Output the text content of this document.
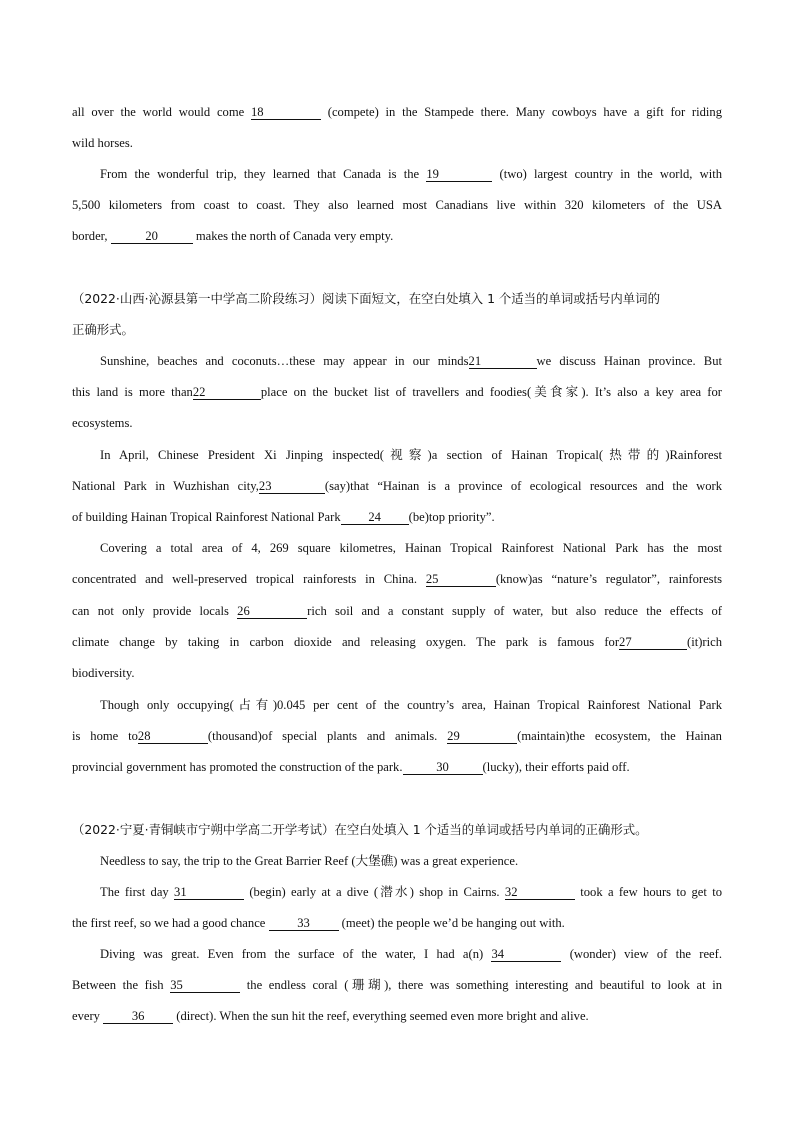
all over the world would come 18	(compete) in the Stampede there. Many cowboys have a gift for riding
wild horses.
From the wonderful trip, they learned that Canada is the 19	(two) largest country in the world, with
5,500 kilometers from coast to coast. They also learned most Canadians live within 320 kilometers of the USA
border,	20	makes the north of Canada very empty.
（2022·山西·沁源县第一中学高二阶段练习）阅读下面短文，在空白处填入 1 个适当的单词或括号内单词的
正确形式。
Sunshine, beaches and coconuts…these may appear in our minds21	we discuss Hainan province. But
this land is more than22	place on the bucket list of travellers and foodies(美食家). It’s also a key area for
ecosystems.
In April, Chinese President Xi Jinping inspected(视察)a section of Hainan Tropical(热带的)Rainforest
National Park in Wuzhishan city,23	(say)that “Hainan is a province of ecological resources and the work
of building Hainan Tropical Rainforest National Park 24 (be)top priority”.
Covering a total area of 4, 269 square kilometres, Hainan Tropical Rainforest National Park has the most
concentrated and well-preserved tropical rainforests in China. 25	(know)as “nature’s regulator”, rainforests
can not only provide locals 26	rich soil and a constant supply of water, but also reduce the effects of
climate change by taking in carbon dioxide and releasing oxygen. The park is famous for27	(it)rich
biodiversity.
Though only occupying(占有)0.045 per cent of the country’s area, Hainan Tropical Rainforest National Park
is home to28	(thousand)of special plants and animals. 29	(maintain)the ecosystem, the Hainan
provincial government has promoted the construction of the park.	30	(lucky), their efforts paid off.
（2022·宁夏·青铜峡市宁朔中学高二开学考试）在空白处填入 1 个适当的单词或括号内单词的正确形式。
Needless to say, the trip to the Great Barrier Reef (大堡礁) was a great experience.
The first day 31	(begin) early at a dive (潜水) shop in Cairns. 32	took a few hours to get to
the first reef, so we had a good chance 33 (meet) the people we’d be hanging out with.
Diving was great. Even from the surface of the water, I had a(n) 34	(wonder) view of the reef.
Between the fish 35	the endless coral (珊瑚), there was something interesting and beautiful to look at in
every 36 (direct). When the sun hit the reef, everything seemed even more bright and alive.
